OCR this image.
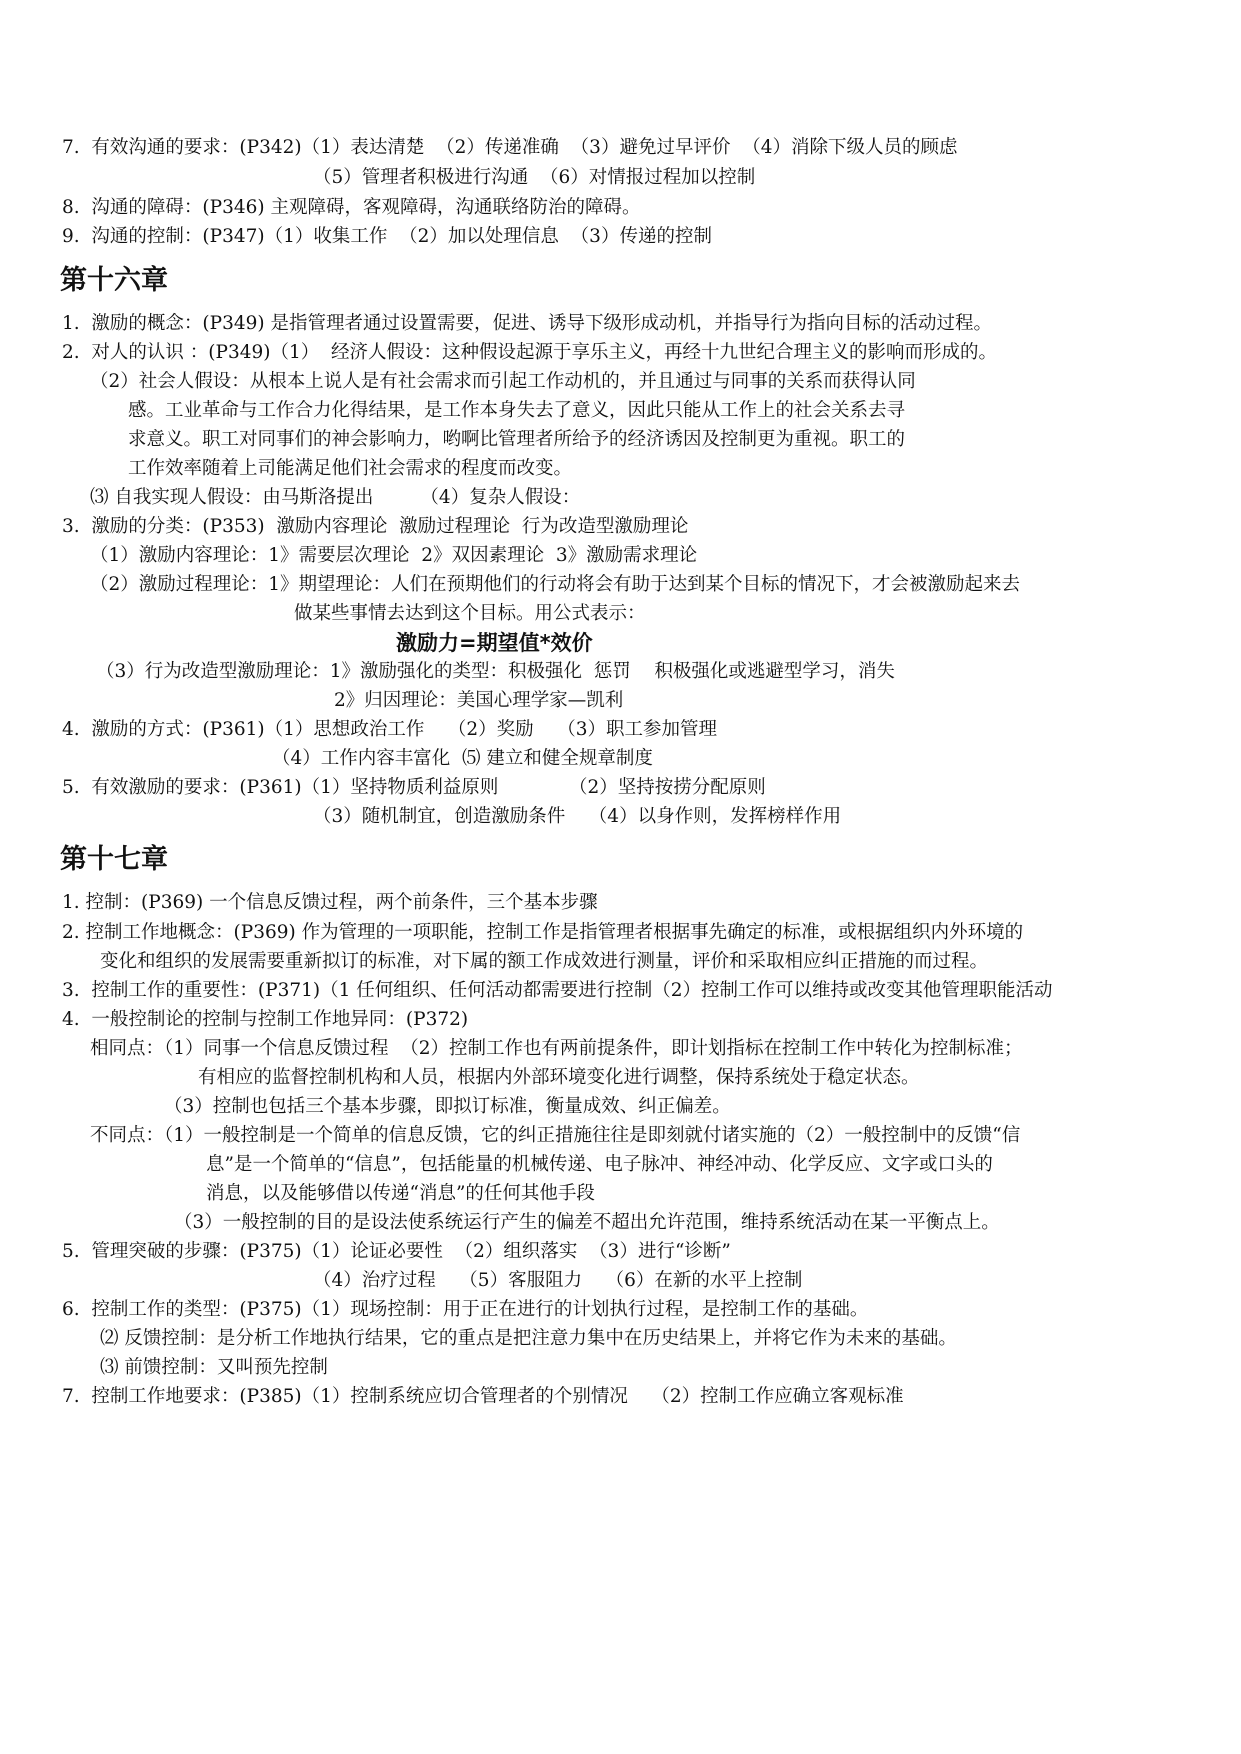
7.  有效沟通的要求：(P342)（1）表达清楚  （2）传递准确  （3）避免过早评价  （4）消除下级人员的顾虑
（5）管理者积极进行沟通  （6）对情报过程加以控制
8.  沟通的障碍：(P346) 主观障碍，客观障碍，沟通联络防治的障碍。
9.  沟通的控制：(P347)（1）收集工作  （2）加以处理信息  （3）传递的控制
第十六章
1.  激励的概念：(P349) 是指管理者通过设置需要，促进、诱导下级形成动机，并指导行为指向目标的活动过程。
2.  对人的认识 ：(P349)（1）  经济人假设：这种假设起源于享乐主义，再经十九世纪合理主义的影响而形成的。
（2）社会人假设：从根本上说人是有社会需求而引起工作动机的，并且通过与同事的关系而获得认同
感。工业革命与工作合力化得结果，是工作本身失去了意义，因此只能从工作上的社会关系去寻
求意义。职工对同事们的神会影响力，哟啊比管理者所给予的经济诱因及控制更为重视。职工的
工作效率随着上司能满足他们社会需求的程度而改变。
⑶ 自我实现人假设：由马斯洛提出        （4）复杂人假设：
3.  激励的分类：(P353)  激励内容理论  激励过程理论  行为改造型激励理论
（1）激励内容理论：1》需要层次理论  2》双因素理论  3》激励需求理论
（2）激励过程理论：1》期望理论：人们在预期他们的行动将会有助于达到某个目标的情况下，才会被激励起来去
做某些事情去达到这个目标。用公式表示：
激励力=期望值*效价
（3）行为改造型激励理论：1》激励强化的类型：积极强化  惩罚    积极强化或逃避型学习，消失
2》归因理论：美国心理学家—凯利
4.  激励的方式：(P361)（1）思想政治工作    （2）奖励    （3）职工参加管理
（4）工作内容丰富化  ⑸ 建立和健全规章制度
5.  有效激励的要求：(P361)（1）坚持物质利益原则            （2）坚持按捞分配原则
（3）随机制宜，创造激励条件    （4）以身作则，发挥榜样作用
第十七章
1. 控制：(P369) 一个信息反馈过程，两个前条件，三个基本步骤
2. 控制工作地概念：(P369) 作为管理的一项职能，控制工作是指管理者根据事先确定的标准，或根据组织内外环境的
变化和组织的发展需要重新拟订的标准，对下属的额工作成效进行测量，评价和采取相应纠正措施的而过程。
3.  控制工作的重要性：(P371)（1 任何组织、任何活动都需要进行控制（2）控制工作可以维持或改变其他管理职能活动
4.  一般控制论的控制与控制工作地异同：(P372)
相同点：（1）同事一个信息反馈过程  （2）控制工作也有两前提条件，即计划指标在控制工作中转化为控制标准；
有相应的监督控制机构和人员，根据内外部环境变化进行调整，保持系统处于稳定状态。
（3）控制也包括三个基本步骤，即拟订标准，衡量成效、纠正偏差。
不同点：（1）一般控制是一个简单的信息反馈，它的纠正措施往往是即刻就付诸实施的（2）一般控制中的反馈“信
息”是一个简单的“信息”，包括能量的机械传递、电子脉冲、神经冲动、化学反应、文字或口头的
消息，以及能够借以传递“消息”的任何其他手段
（3）一般控制的目的是设法使系统运行产生的偏差不超出允许范围，维持系统活动在某一平衡点上。
5.  管理突破的步骤：(P375)（1）论证必要性  （2）组织落实  （3）进行“诊断”
（4）治疗过程    （5）客服阻力    （6）在新的水平上控制
6.  控制工作的类型：(P375)（1）现场控制：用于正在进行的计划执行过程，是控制工作的基础。
⑵ 反馈控制：是分析工作地执行结果，它的重点是把注意力集中在历史结果上，并将它作为未来的基础。
⑶ 前馈控制：又叫预先控制
7.  控制工作地要求：(P385)（1）控制系统应切合管理者的个别情况    （2）控制工作应确立客观标准
